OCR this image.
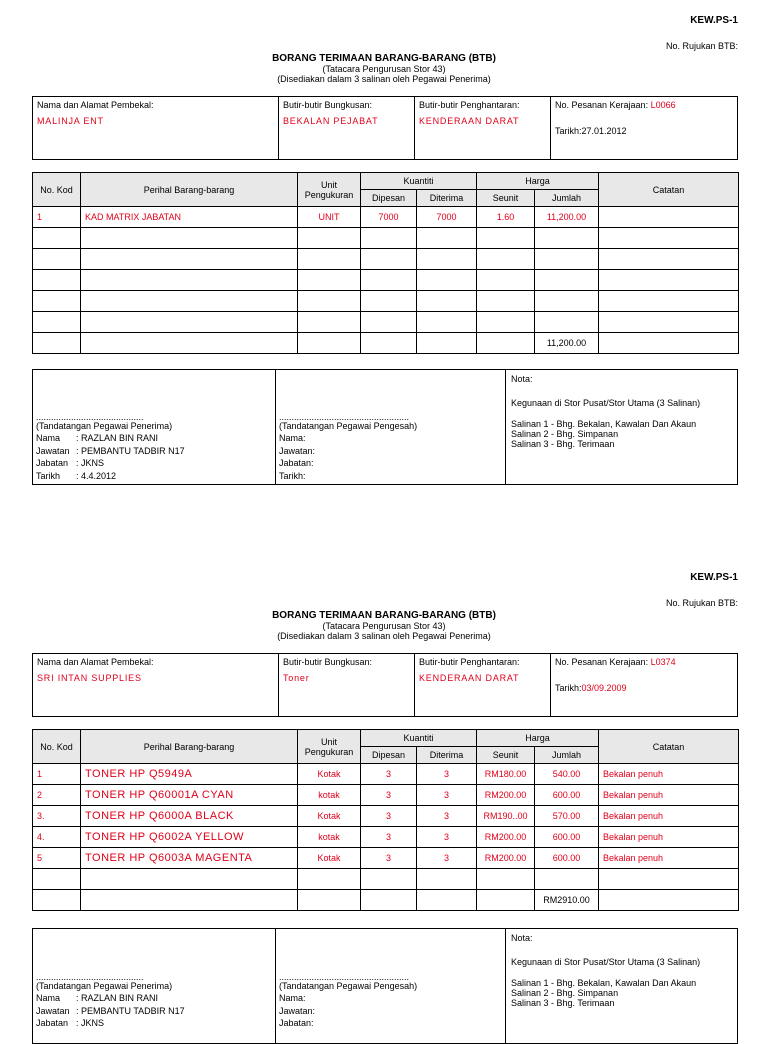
KEW.PS-1
No. Rujukan BTB:
BORANG TERIMAAN BARANG-BARANG (BTB)
(Tatacara Pengurusan Stor 43)
(Disediakan dalam 3 salinan oleh Pegawai Penerima)
Nama dan Alamat Pembekal:
MALINJA ENT
Butir-butir Bungkusan:
BEKALAN PEJABAT
Butir-butir Penghantaran:
KENDERAAN DARAT
No. Pesanan Kerajaan: L0066
Tarikh:27.01.2012
No. Kod	Perihal Barang-barang	Unit Pengukuran	Kuantiti		Harga		Catatan
			Dipesan	Diterima	Seunit	Jumlah	
1	KAD MATRIX JABATAN	UNIT	7000	7000	1.60	11,200.00	

						11,200.00	
...........................................
(Tandatangan Pegawai Penerima)
Nama	: RAZLAN BIN RANI
Jawatan : PEMBANTU TADBIR N17
Jabatan : JKNS
Tarikh	: 4.4.2012
....................................................
(Tandatangan Pegawai Pengesah)
Nama:
Jawatan:
Jabatan:
Tarikh:
Nota:
Kegunaan di Stor Pusat/Stor Utama (3 Salinan)
Salinan 1 - Bhg. Bekalan, Kawalan Dan Akaun
Salinan 2 - Bhg. Simpanan
Salinan 3 - Bhg. Terimaan
KEW.PS-1
No. Rujukan BTB:
BORANG TERIMAAN BARANG-BARANG (BTB)
(Tatacara Pengurusan Stor 43)
(Disediakan dalam 3 salinan oleh Pegawai Penerima)
Nama dan Alamat Pembekal:
SRI INTAN SUPPLIES
Butir-butir Bungkusan:
Toner
Butir-butir Penghantaran:
KENDERAAN DARAT
No. Pesanan Kerajaan: L0374
Tarikh:03/09.2009
No. Kod	Perihal Barang-barang	Unit Pengukuran	Kuantiti		Harga		Catatan
			Dipesan	Diterima	Seunit	Jumlah	
1	TONER HP Q5949A	Kotak	3	3	RM180.00	540.00	Bekalan penuh
2	TONER HP Q60001A CYAN	kotak	3	3	RM200.00	600.00	Bekalan penuh
3.	TONER HP Q6000A BLACK	Kotak	3	3	RM190..00	570.00	Bekalan penuh
4.	TONER HP Q6002A YELLOW	kotak	3	3	RM200.00	600.00	Bekalan penuh
5	TONER HP Q6003A MAGENTA	Kotak	3	3	RM200.00	600.00	Bekalan penuh

						RM2910.00	
...........................................
(Tandatangan Pegawai Penerima)
Nama	: RAZLAN BIN RANI
Jawatan : PEMBANTU TADBIR N17
Jabatan : JKNS
....................................................
(Tandatangan Pegawai Pengesah)
Nama:
Jawatan:
Jabatan:
Nota:
Kegunaan di Stor Pusat/Stor Utama (3 Salinan)
Salinan 1 - Bhg. Bekalan, Kawalan Dan Akaun
Salinan 2 - Bhg. Simpanan
Salinan 3 - Bhg. Terimaan
